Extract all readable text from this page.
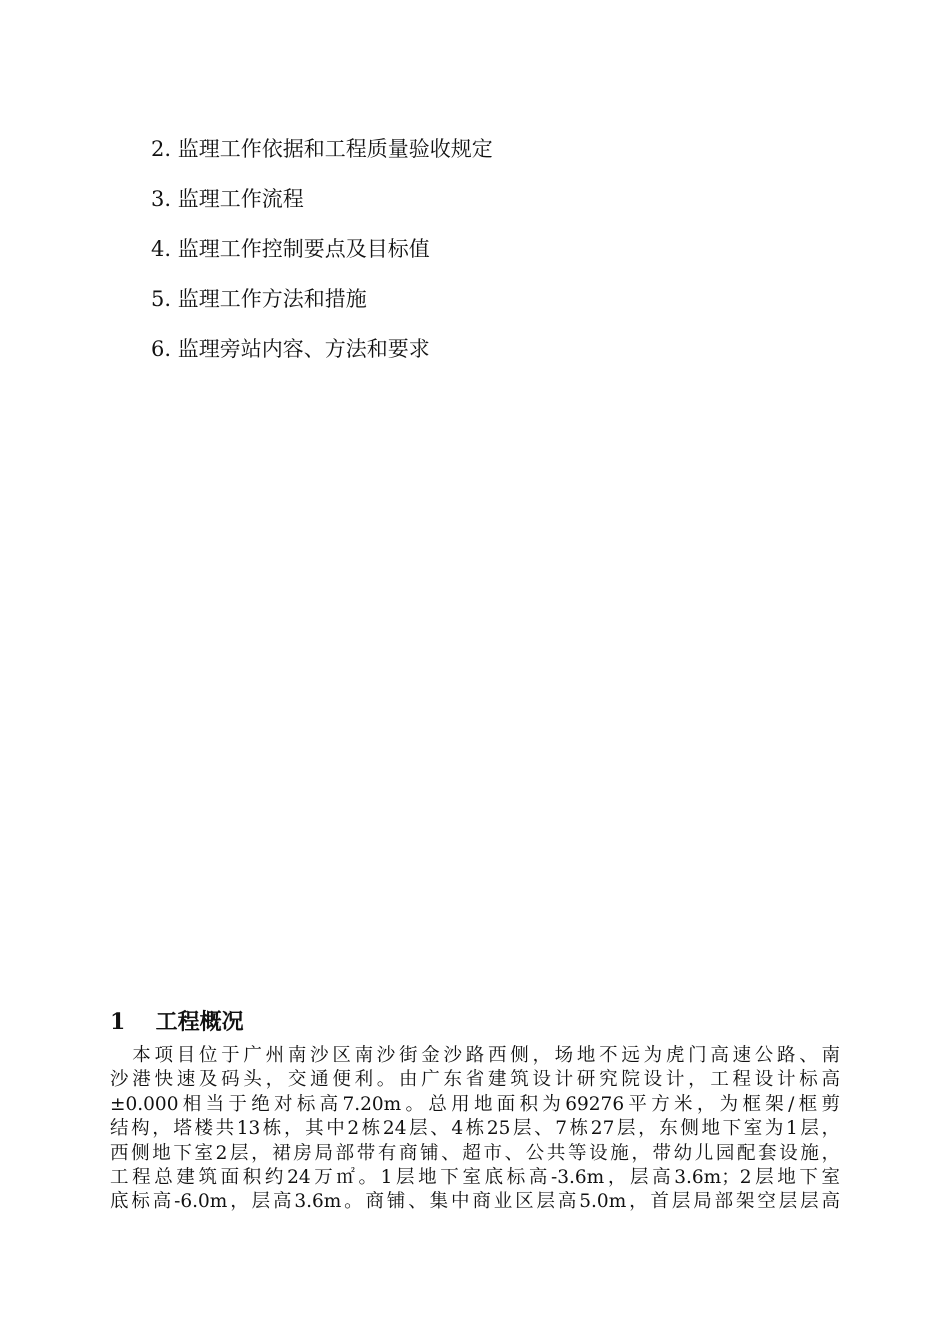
2. 监理工作依据和工程质量验收规定
3. 监理工作流程
4. 监理工作控制要点及目标值
5. 监理工作方法和措施
6. 监理旁站内容、方法和要求
1 工程概况
　本项目位于广州南沙区南沙街金沙路西侧，场地不远为虎门高速公路、南
沙港快速及码头，交通便利。由广东省建筑设计研究院设计，工程设计标高
±0.000相当于绝对标高7.20m。总用地面积为69276平方米，为框架/框剪
结构，塔楼共13栋，其中2栋24层、4栋25层、7栋27层，东侧地下室为1层，
西侧地下室2层，裙房局部带有商铺、超市、公共等设施，带幼儿园配套设施，
工程总建筑面积约24万㎡。1层地下室底标高-3.6m，层高3.6m；2层地下室
底标高-6.0m，层高3.6m。商铺、集中商业区层高5.0m，首层局部架空层层高
